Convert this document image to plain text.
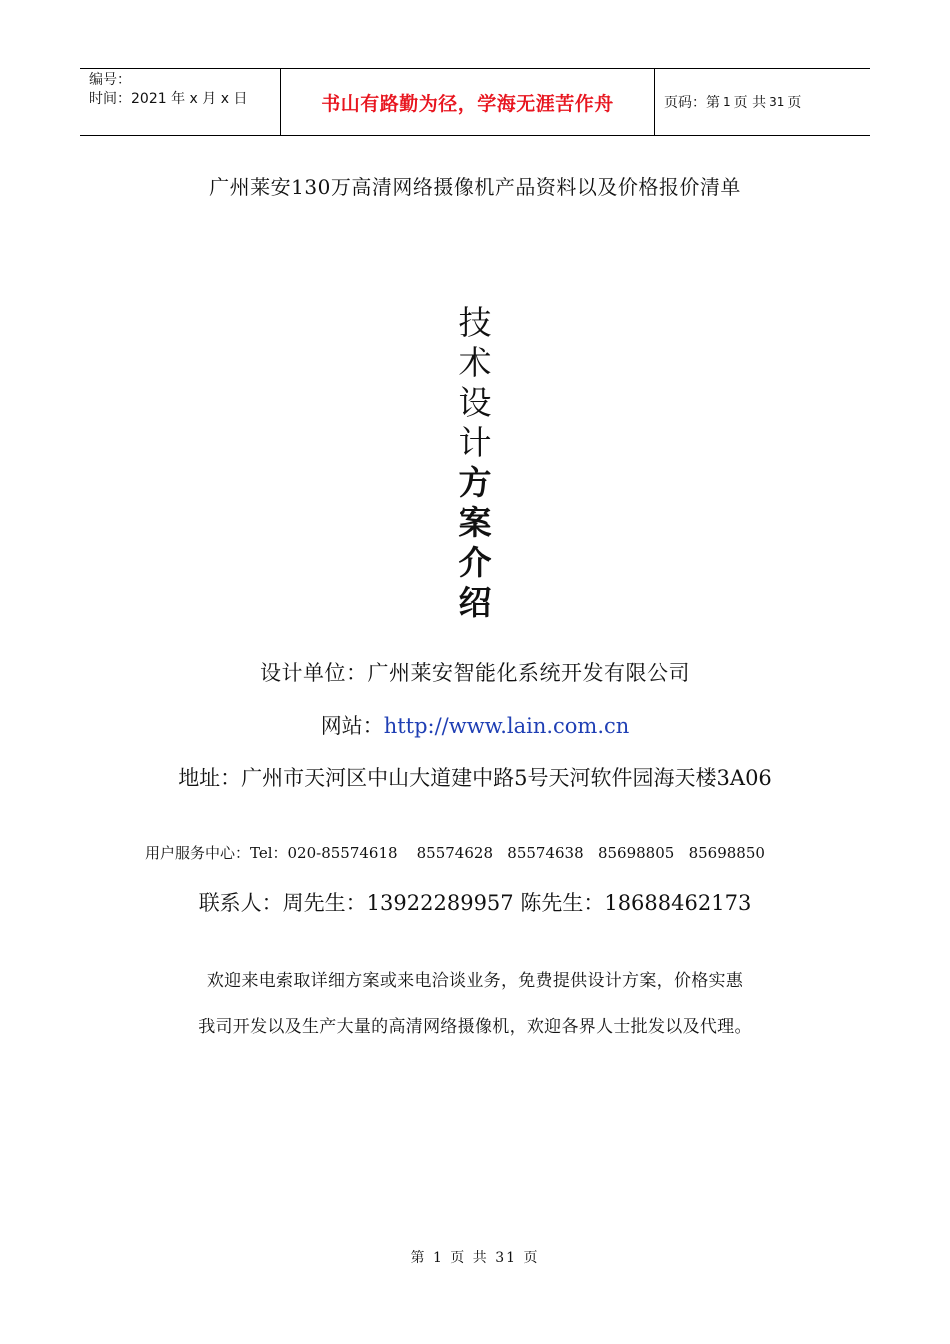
编号：
时间：2021 年 x 月 x 日	书山有路勤为径，学海无涯苦作舟	页码：第 1 页 共 31 页
广州莱安130万高清网络摄像机产品资料以及价格报价清单
技
术
设
计
方
案
介
绍
设计单位：广州莱安智能化系统开发有限公司
网站：http://www.lain.com.cn
地址：广州市天河区中山大道建中路5号天河软件园海天楼3A06
用户服务中心：Tel：020-85574618    85574628   85574638   85698805   85698850
联系人：周先生：13922289957 陈先生：18688462173
欢迎来电索取详细方案或来电洽谈业务，免费提供设计方案，价格实惠
我司开发以及生产大量的高清网络摄像机，欢迎各界人士批发以及代理。
第 1 页 共 31 页
